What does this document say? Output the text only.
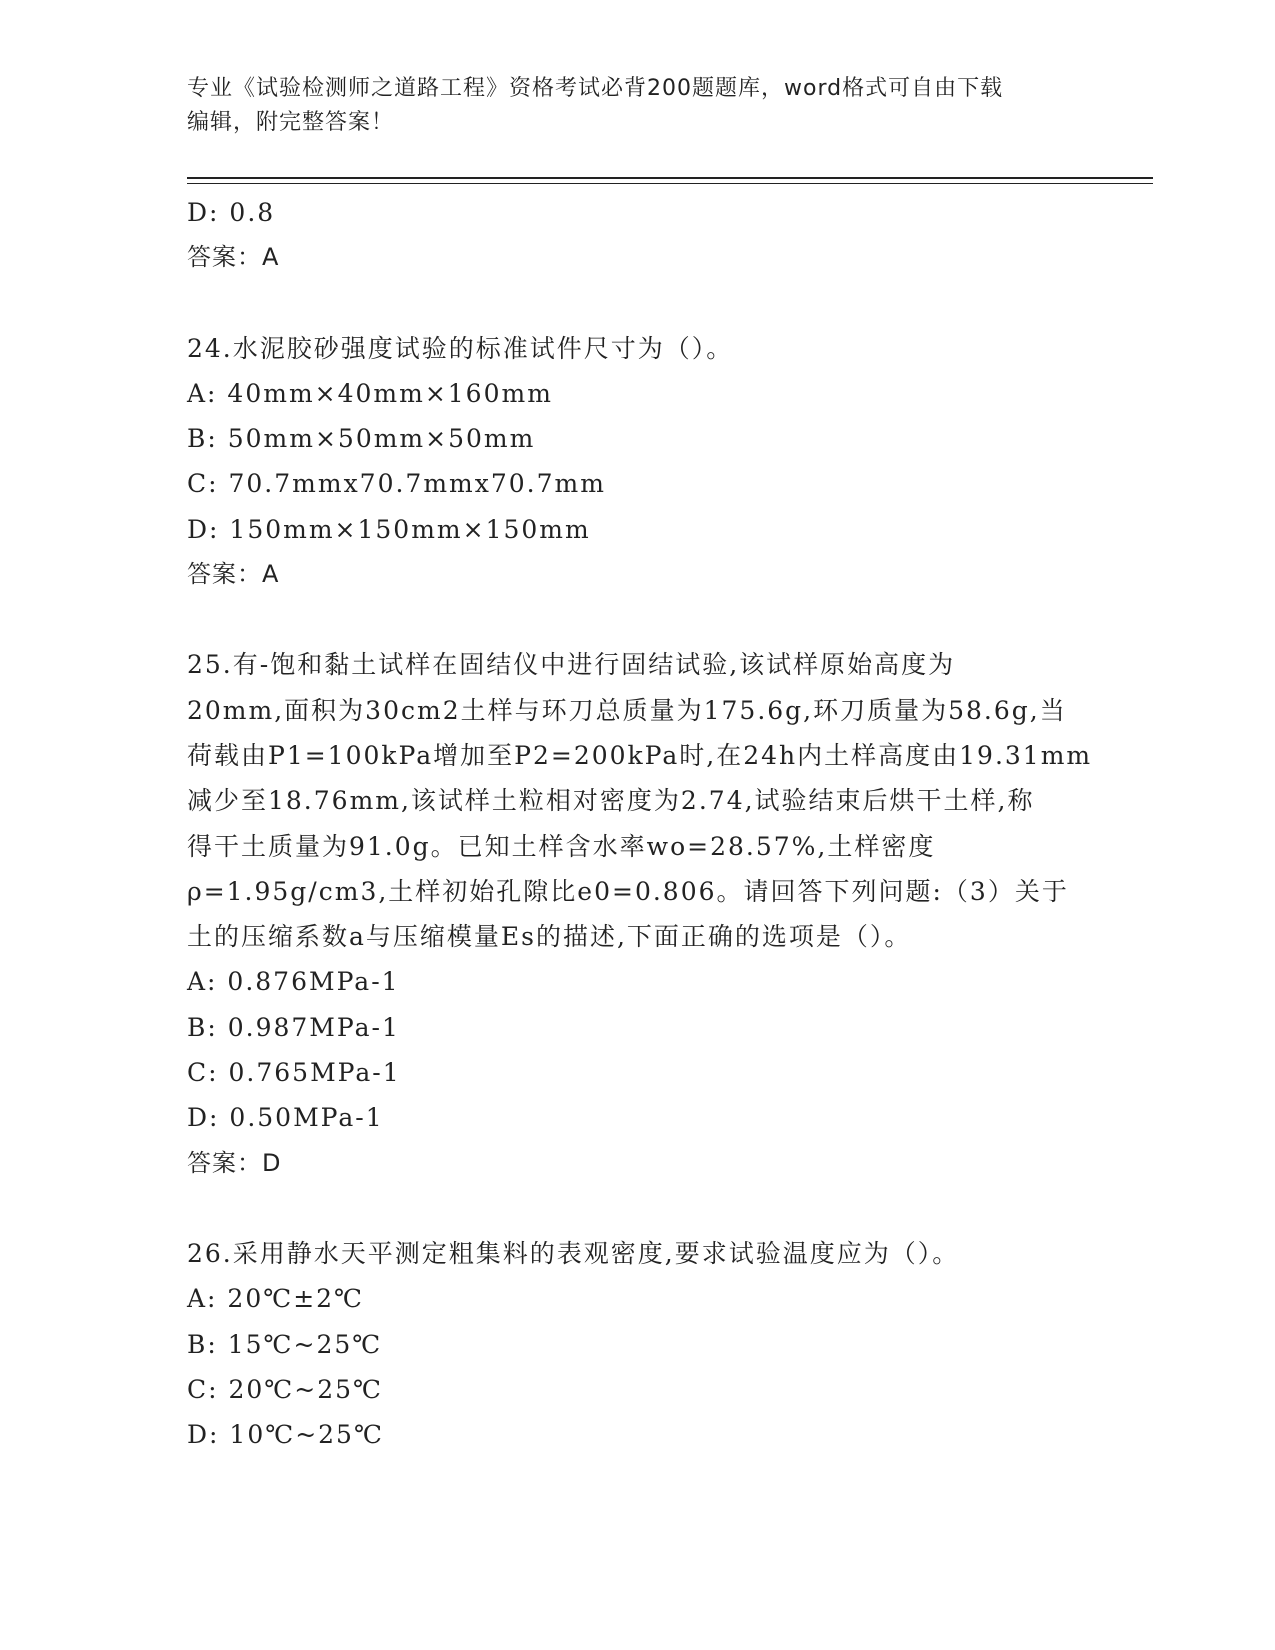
专业《试验检测师之道路工程》资格考试必背200题题库，word格式可自由下载
编辑，附完整答案！
D: 0.8
答案：A
24.水泥胶砂强度试验的标准试件尺寸为（）。
A: 40mm×40mm×160mm
B: 50mm×50mm×50mm
C: 70.7mmx70.7mmx70.7mm
D: 150mm×150mm×150mm
答案：A
25.有-饱和黏土试样在固结仪中进行固结试验,该试样原始高度为
20mm,面积为30cm2土样与环刀总质量为175.6g,环刀质量为58.6g,当
荷载由P1=100kPa增加至P2=200kPa时,在24h内土样高度由19.31mm
减少至18.76mm,该试样土粒相对密度为2.74,试验结束后烘干土样,称
得干土质量为91.0g。已知土样含水率wo=28.57%,土样密度
ρ=1.95g/cm3,土样初始孔隙比e0=0.806。请回答下列问题:（3）关于
土的压缩系数a与压缩模量Es的描述,下面正确的选项是（）。
A: 0.876MPa-1
B: 0.987MPa-1
C: 0.765MPa-1
D: 0.50MPa-1
答案：D
26.采用静水天平测定粗集料的表观密度,要求试验温度应为（）。
A: 20℃±2℃
B: 15℃~25℃
C: 20℃~25℃
D: 10℃~25℃
